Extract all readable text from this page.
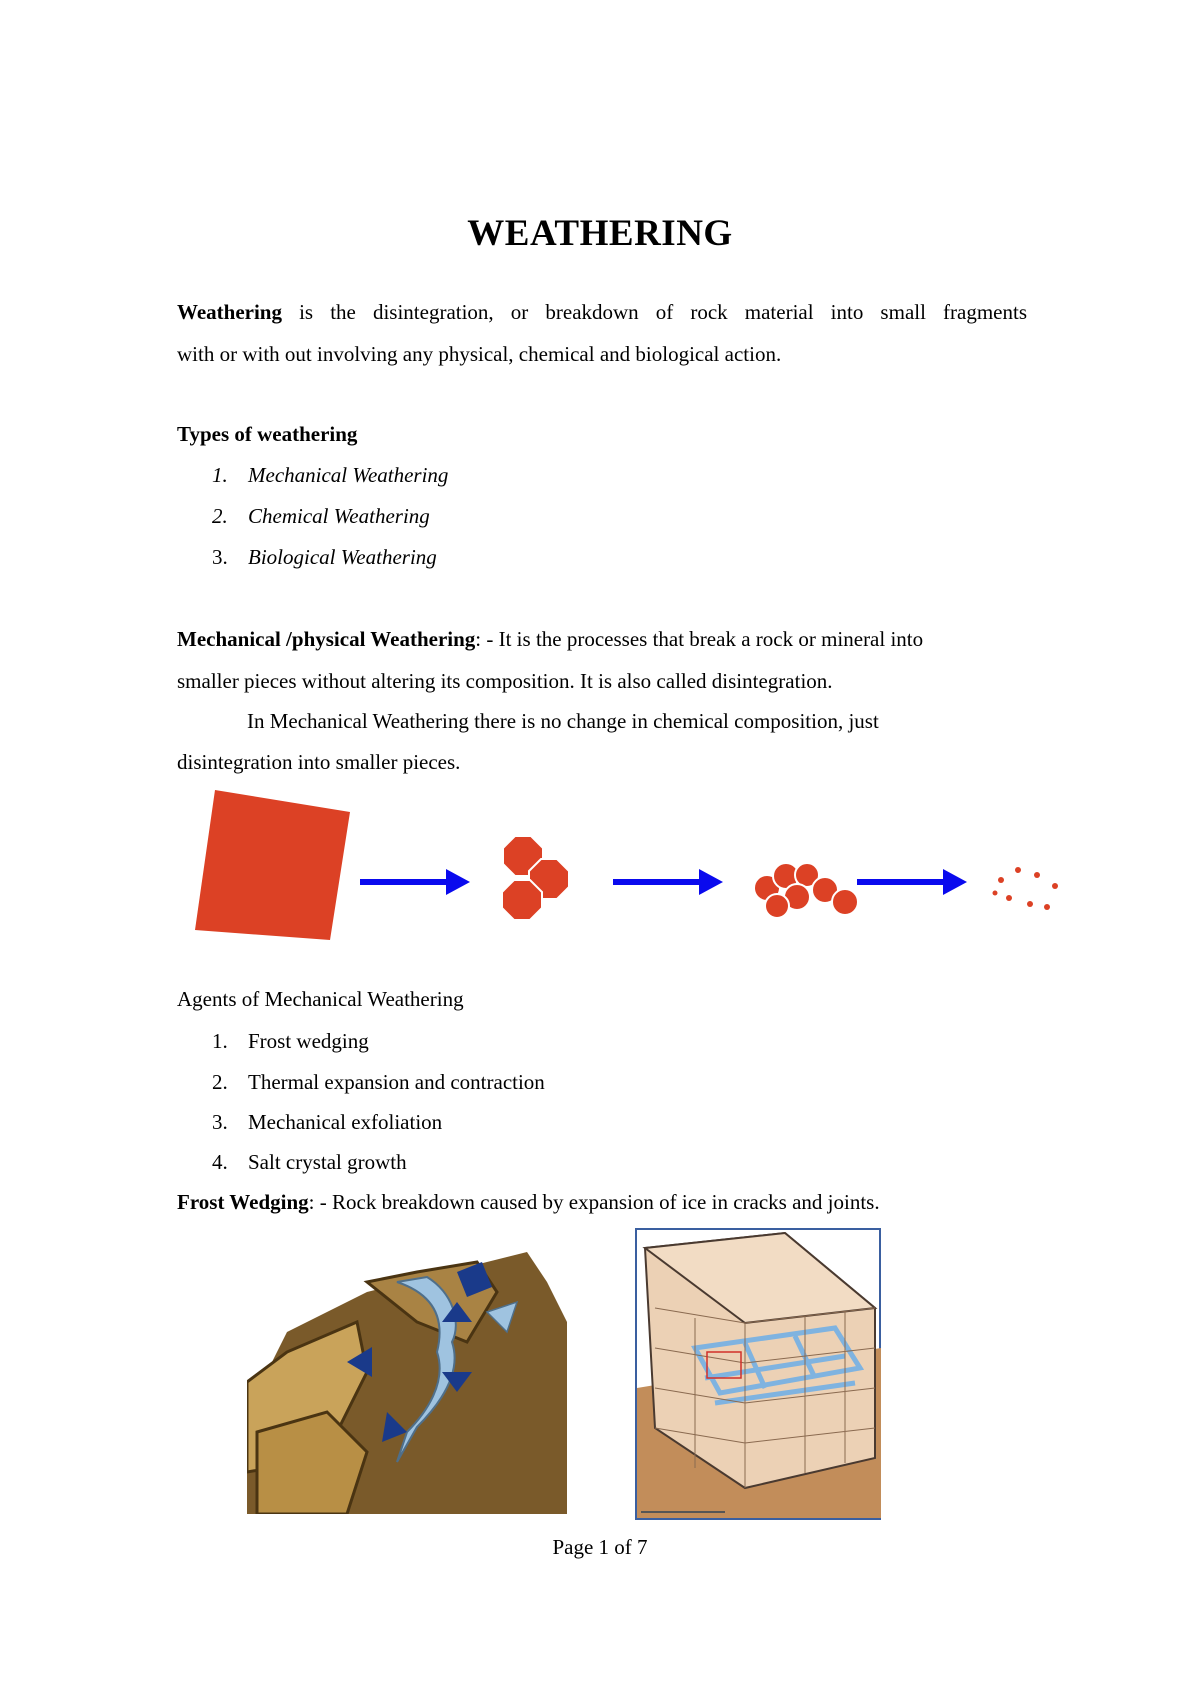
WEATHERING
Weathering is the disintegration, or breakdown of rock material into small fragments
with or with out involving any physical, chemical and biological action.
Types of weathering
1. Mechanical Weathering
2. Chemical Weathering
3. Biological Weathering
Mechanical /physical Weathering: - It is the processes that break a rock or mineral into
smaller pieces without altering its composition. It is also called disintegration.
In Mechanical Weathering there is no change in chemical composition, just
disintegration into smaller pieces.
Agents of Mechanical Weathering
1. Frost wedging
2. Thermal expansion and contraction
3. Mechanical exfoliation
4. Salt crystal growth
Frost Wedging: - Rock breakdown caused by expansion of ice in cracks and joints.
Page 1 of 7
